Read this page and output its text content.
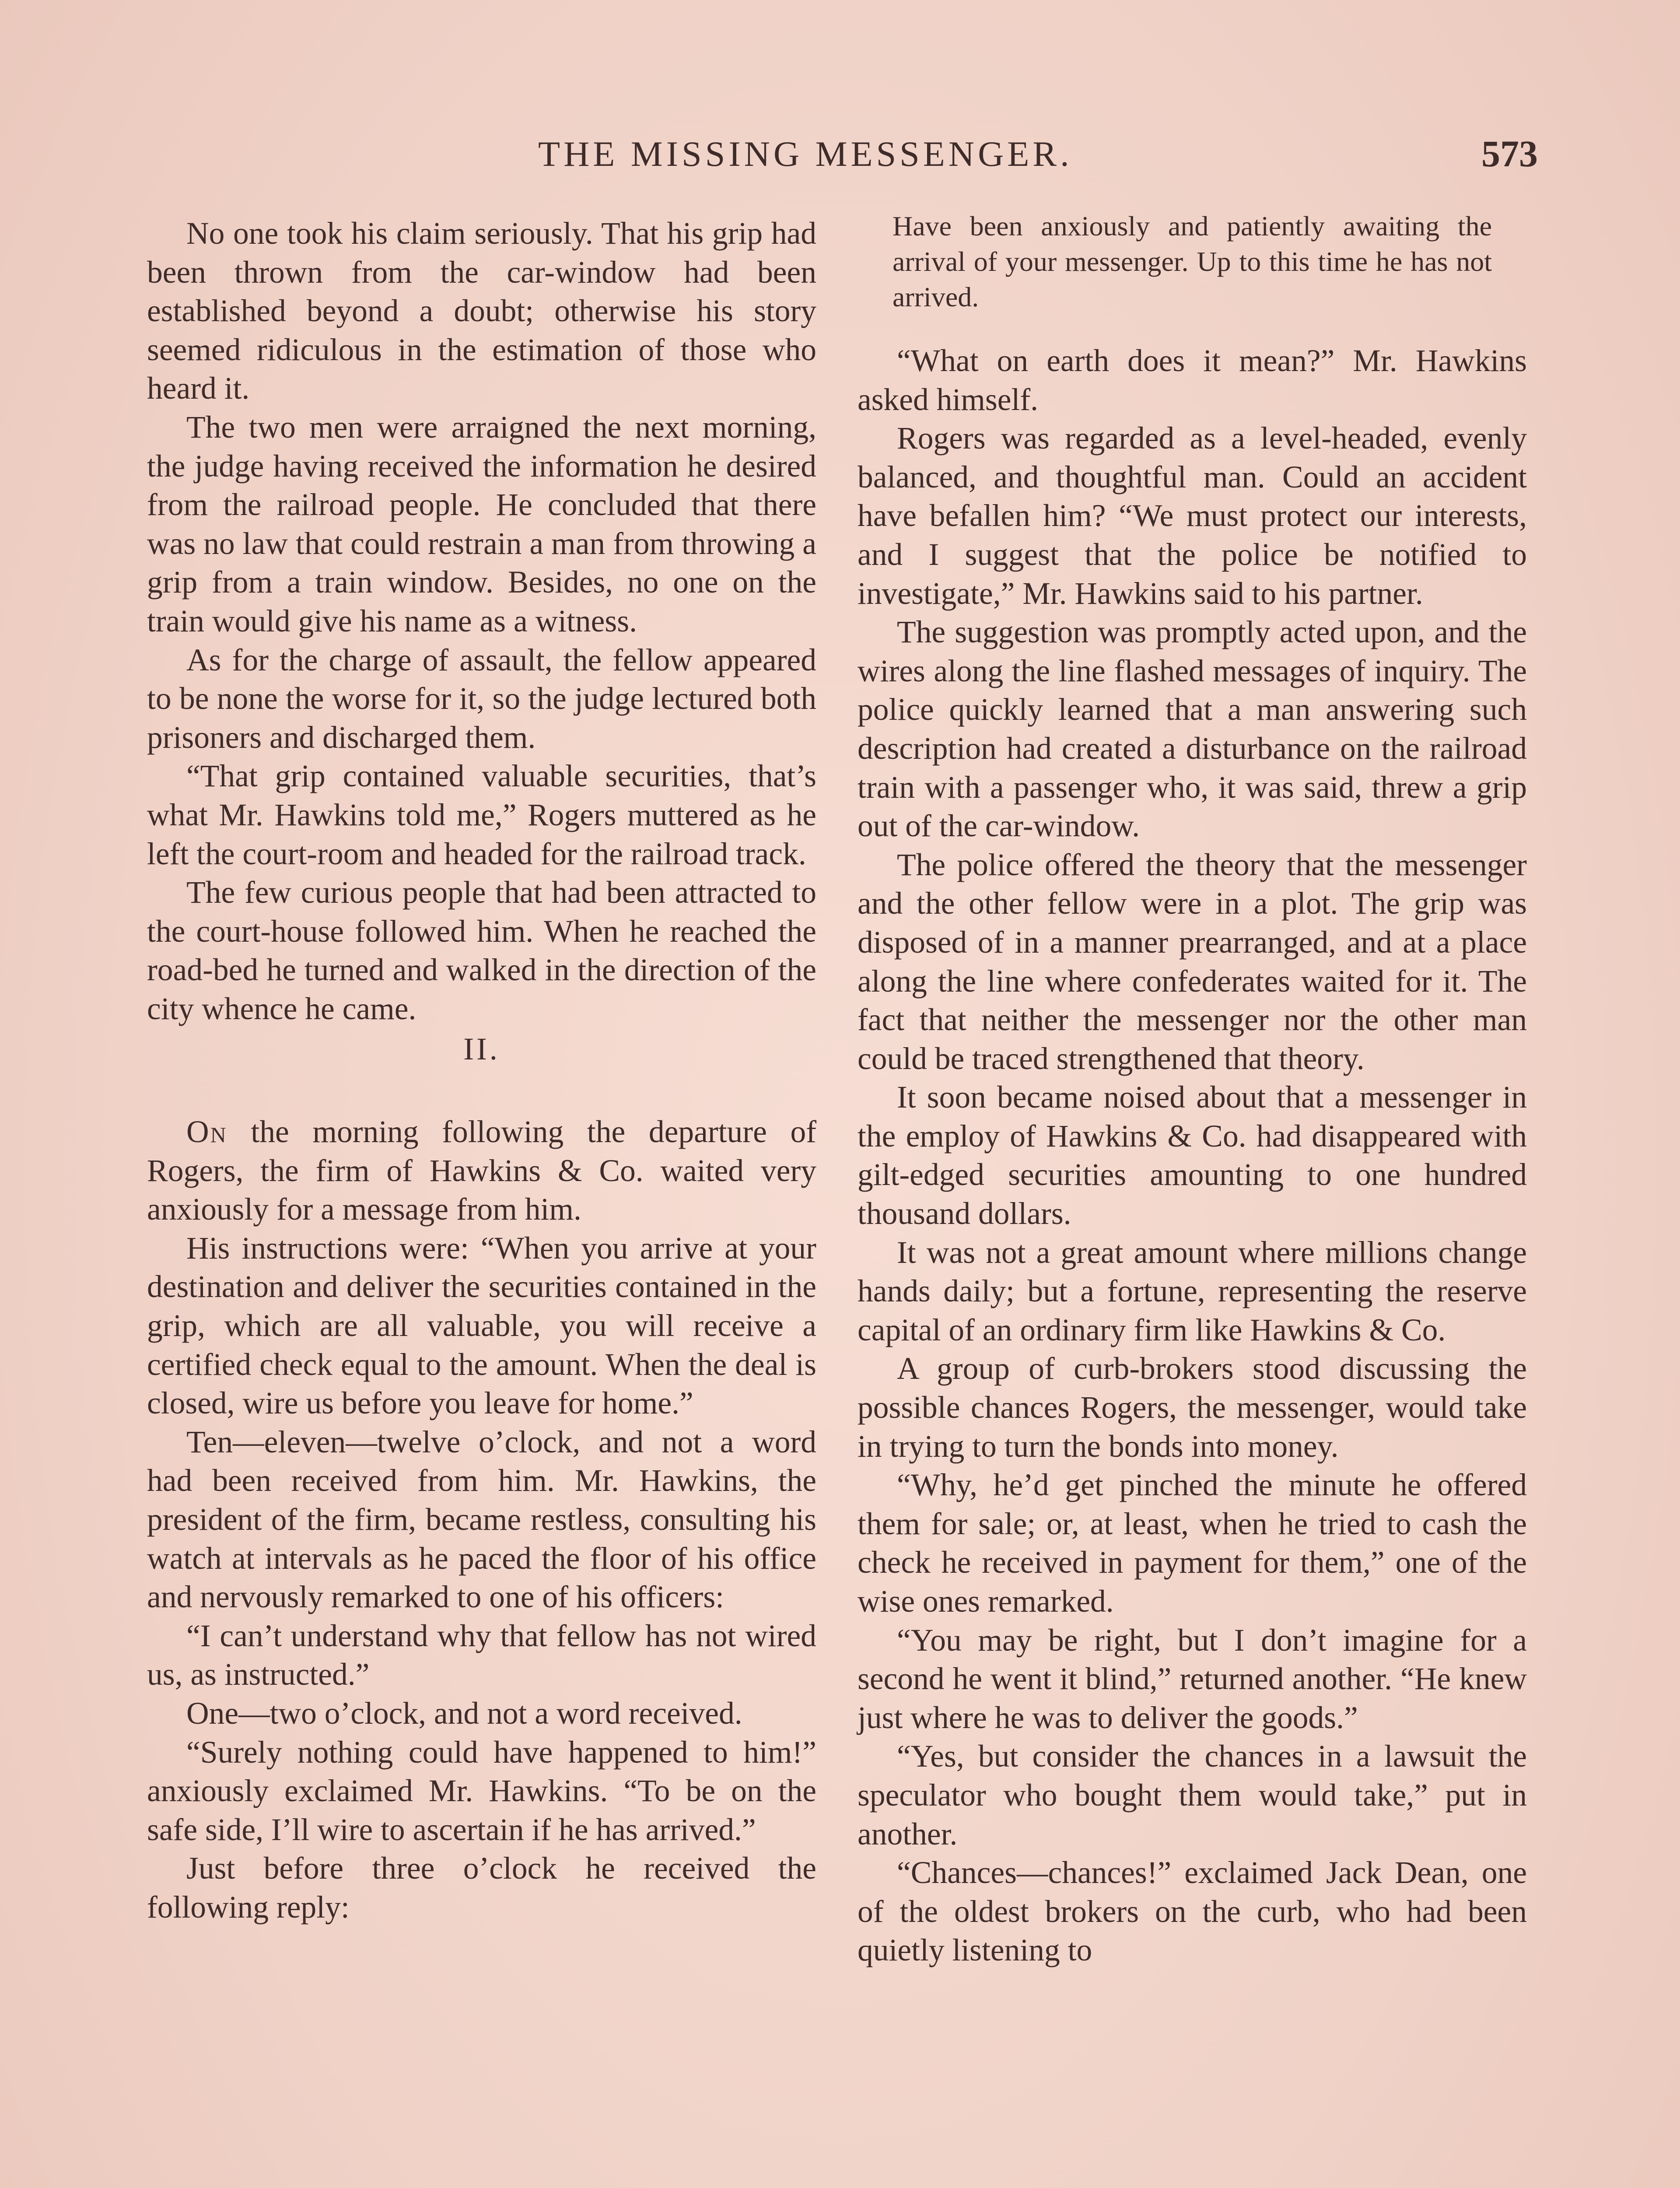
THE MISSING MESSENGER.	573

No one took his claim seriously. That his grip had been thrown from the car-window had been established beyond a doubt; otherwise his story seemed ridiculous in the estimation of those who heard it.

The two men were arraigned the next morning, the judge having received the information he desired from the railroad people. He concluded that there was no law that could restrain a man from throwing a grip from a train window. Besides, no one on the train would give his name as a witness.

As for the charge of assault, the fellow appeared to be none the worse for it, so the judge lectured both prisoners and discharged them.

“That grip contained valuable securities, that’s what Mr. Hawkins told me,” Rogers muttered as he left the court-room and headed for the railroad track.

The few curious people that had been attracted to the court-house followed him. When he reached the road-bed he turned and walked in the direction of the city whence he came.

II.

On the morning following the departure of Rogers, the firm of Hawkins & Co. waited very anxiously for a message from him.

His instructions were: “When you arrive at your destination and deliver the securities contained in the grip, which are all valuable, you will receive a certified check equal to the amount. When the deal is closed, wire us before you leave for home.”

Ten—eleven—twelve o’clock, and not a word had been received from him. Mr. Hawkins, the president of the firm, became restless, consulting his watch at intervals as he paced the floor of his office and nervously remarked to one of his officers:

“I can’t understand why that fellow has not wired us, as instructed.”

One—two o’clock, and not a word received.

“Surely nothing could have happened to him!” anxiously exclaimed Mr. Hawkins. “To be on the safe side, I’ll wire to ascertain if he has arrived.”

Just before three o’clock he received the following reply:

Have been anxiously and patiently awaiting the arrival of your messenger. Up to this time he has not arrived.

“What on earth does it mean?” Mr. Hawkins asked himself.

Rogers was regarded as a level-headed, evenly balanced, and thoughtful man. Could an accident have befallen him? “We must protect our interests, and I suggest that the police be notified to investigate,” Mr. Hawkins said to his partner.

The suggestion was promptly acted upon, and the wires along the line flashed messages of inquiry. The police quickly learned that a man answering such description had created a disturbance on the railroad train with a passenger who, it was said, threw a grip out of the car-window.

The police offered the theory that the messenger and the other fellow were in a plot. The grip was disposed of in a manner prearranged, and at a place along the line where confederates waited for it. The fact that neither the messenger nor the other man could be traced strengthened that theory.

It soon became noised about that a messenger in the employ of Hawkins & Co. had disappeared with gilt-edged securities amounting to one hundred thousand dollars.

It was not a great amount where millions change hands daily; but a fortune, representing the reserve capital of an ordinary firm like Hawkins & Co.

A group of curb-brokers stood discussing the possible chances Rogers, the messenger, would take in trying to turn the bonds into money.

“Why, he’d get pinched the minute he offered them for sale; or, at least, when he tried to cash the check he received in payment for them,” one of the wise ones remarked.

“You may be right, but I don’t imagine for a second he went it blind,” returned another. “He knew just where he was to deliver the goods.”

“Yes, but consider the chances in a lawsuit the speculator who bought them would take,” put in another.

“Chances—chances!” exclaimed Jack Dean, one of the oldest brokers on the curb, who had been quietly listening to
